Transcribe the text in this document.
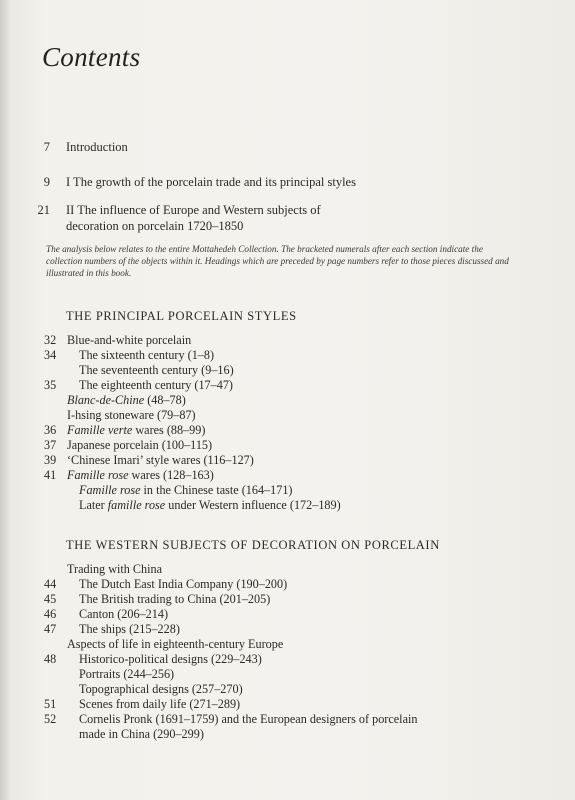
Contents
7 Introduction
9 I The growth of the porcelain trade and its principal styles
21 II The influence of Europe and Western subjects of
decoration on porcelain 1720–1850
The analysis below relates to the entire Mottahedeh Collection. The bracketed numerals after each section indicate the collection numbers of the objects within it. Headings which are preceded by page numbers refer to those pieces discussed and illustrated in this book.
THE PRINCIPAL PORCELAIN STYLES
32 Blue-and-white porcelain
34 The sixteenth century (1–8)
The seventeenth century (9–16)
35 The eighteenth century (17–47)
Blanc-de-Chine (48–78)
I-hsing stoneware (79–87)
36 Famille verte wares (88–99)
37 Japanese porcelain (100–115)
39 ‘Chinese Imari’ style wares (116–127)
41 Famille rose wares (128–163)
Famille rose in the Chinese taste (164–171)
Later famille rose under Western influence (172–189)
THE WESTERN SUBJECTS OF DECORATION ON PORCELAIN
Trading with China
44 The Dutch East India Company (190–200)
45 The British trading to China (201–205)
46 Canton (206–214)
47 The ships (215–228)
Aspects of life in eighteenth-century Europe
48 Historico-political designs (229–243)
Portraits (244–256)
Topographical designs (257–270)
51 Scenes from daily life (271–289)
52 Cornelis Pronk (1691–1759) and the European designers of porcelain
made in China (290–299)
